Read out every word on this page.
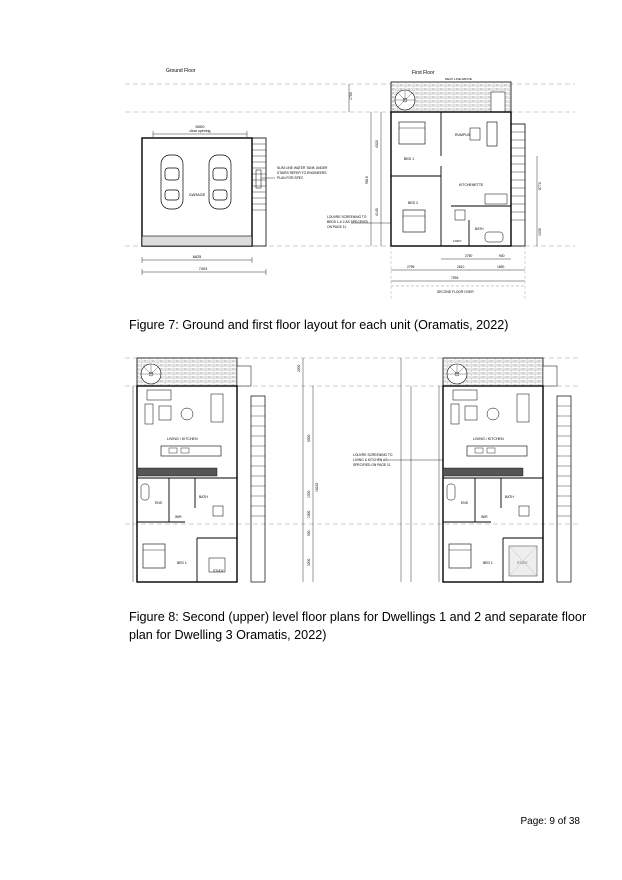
Ground Floor
6000
clear opening
GARAGE
SLIM LINE WATER TANK UNDER
STAIRS REFER TO ENGINEERS
PLAN FOR SPEC
6625
7403
1750
First Floor
DECK LINE ABOVE
BED 1
RUMPUS
BED 2
KITCHENETTE
BATH
L'DRY
LOUVRE SCREENING TO
BEDS 1 & 2 AS SPECIFIED
ON PAGE 11
4320
9815
4145
8770
1030
2750	900
2795	2610	1690
7093
SECOND FLOOR OVER
Figure 7: Ground and first floor layout for each unit (Oramatis, 2022)
LIVING / KITCHEN
ENS
BATH
WIR
BED 1
STUDY
2200
5000
1300
1900
900
3200
15240
LOUVRE SCREENING TO
LIVING & KITCHEN AS
SPECIFIED ON PAGE 11
LIVING / KITCHEN
ENS
BATH
WIR
BED 1	STUDY
Figure 8: Second (upper) level floor plans for Dwellings 1 and 2 and separate floor
plan for Dwelling 3 Oramatis, 2022)
Page: 9 of 38
